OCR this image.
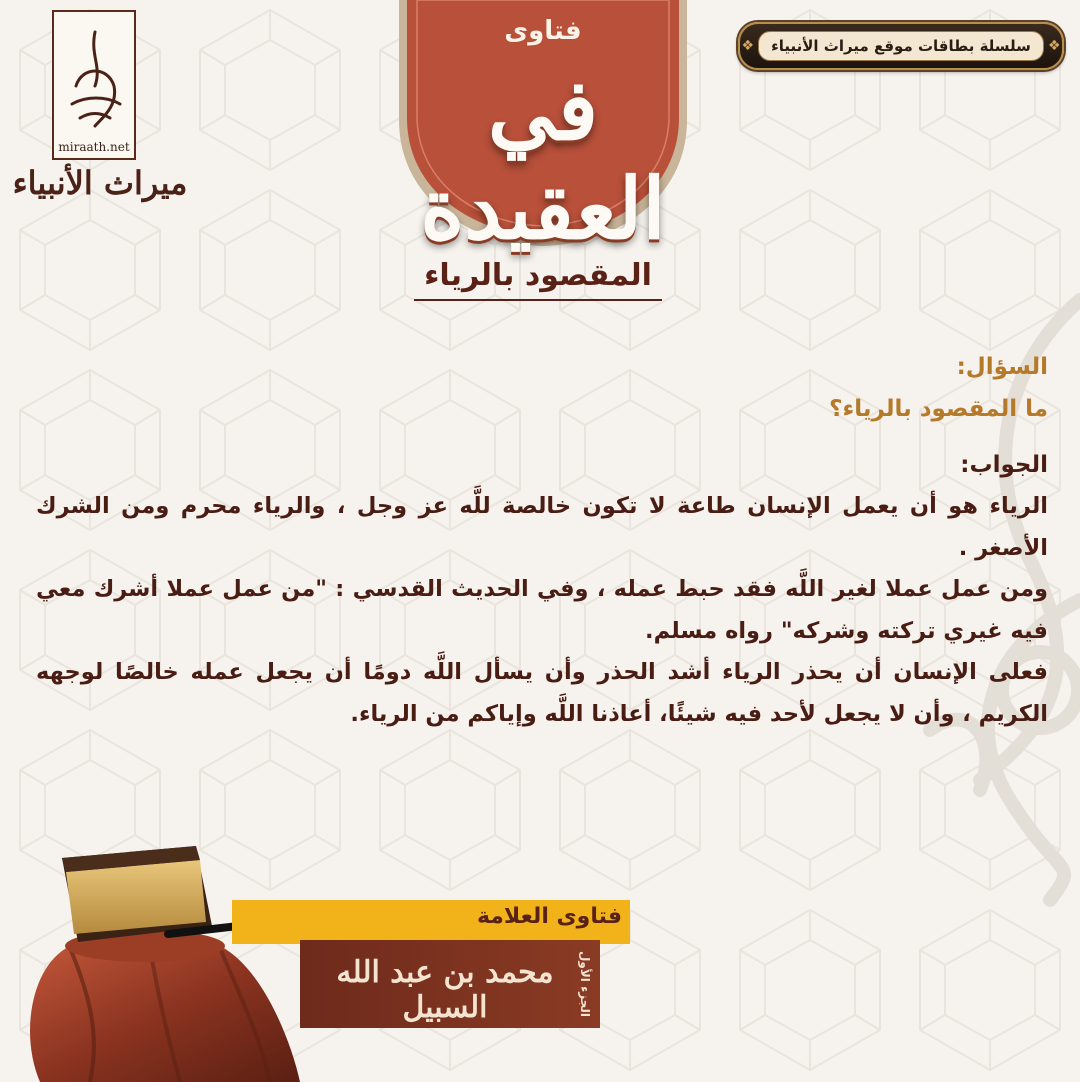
❖	سلسلة بطاقات موقع ميراث الأنبياء	❖
فتاوى
في العقيدة
miraath.net
ميراث الأنبياء
المقصود بالرياء
السؤال:
ما المقصود بالرياء؟
الجواب:
الرياء هو أن يعمل الإنسان طاعة لا تكون خالصة للَّه عز وجل ، والرياء محرم ومن الشرك الأصغر .
ومن عمل عملا لغير اللَّه فقد حبط عمله ، وفي الحديث القدسي : "من عمل عملا أشرك معي فيه غيري تركته وشركه" رواه مسلم.
فعلى الإنسان أن يحذر الرياء أشد الحذر وأن يسأل اللَّه دومًا أن يجعل عمله خالصًا لوجهه الكريم ، وأن لا يجعل لأحد فيه شيئًا، أعاذنا اللَّه وإياكم من الرياء.
فتاوى العلامة
محمد بن عبد الله السبيل	الجزء الأول
